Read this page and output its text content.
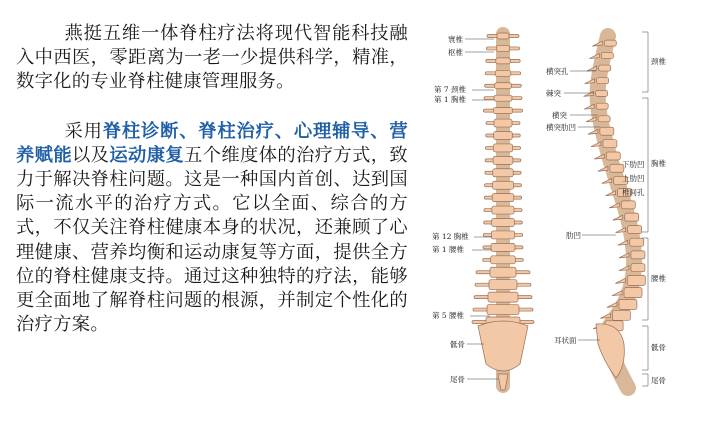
燕挺五维一体脊柱疗法将现代智能科技融入中西医，零距离为一老一少提供科学，精准，数字化的专业脊柱健康管理服务。

采用脊柱诊断、脊柱治疗、心理辅导、营养赋能以及运动康复五个维度体的治疗方式，致力于解决脊柱问题。这是一种国内首创、达到国际一流水平的治疗方式。它以全面、综合的方式，不仅关注脊柱健康本身的状况，还兼顾了心理健康、营养均衡和运动康复等方面，提供全方位的脊柱健康支持。通过这种独特的疗法，能够更全面地了解脊柱问题的根源，并制定个性化的治疗方案。

寰椎
枢椎
第 7 颈椎
第 1 胸椎
第 12 胸椎
第 1 腰椎
第 5 腰椎
骶骨
尾骨
横突孔
棘突
横突
横突肋凹
下肋凹
上肋凹
椎间孔
肋凹
耳状面
颈椎
胸椎
腰椎
骶骨
尾骨
